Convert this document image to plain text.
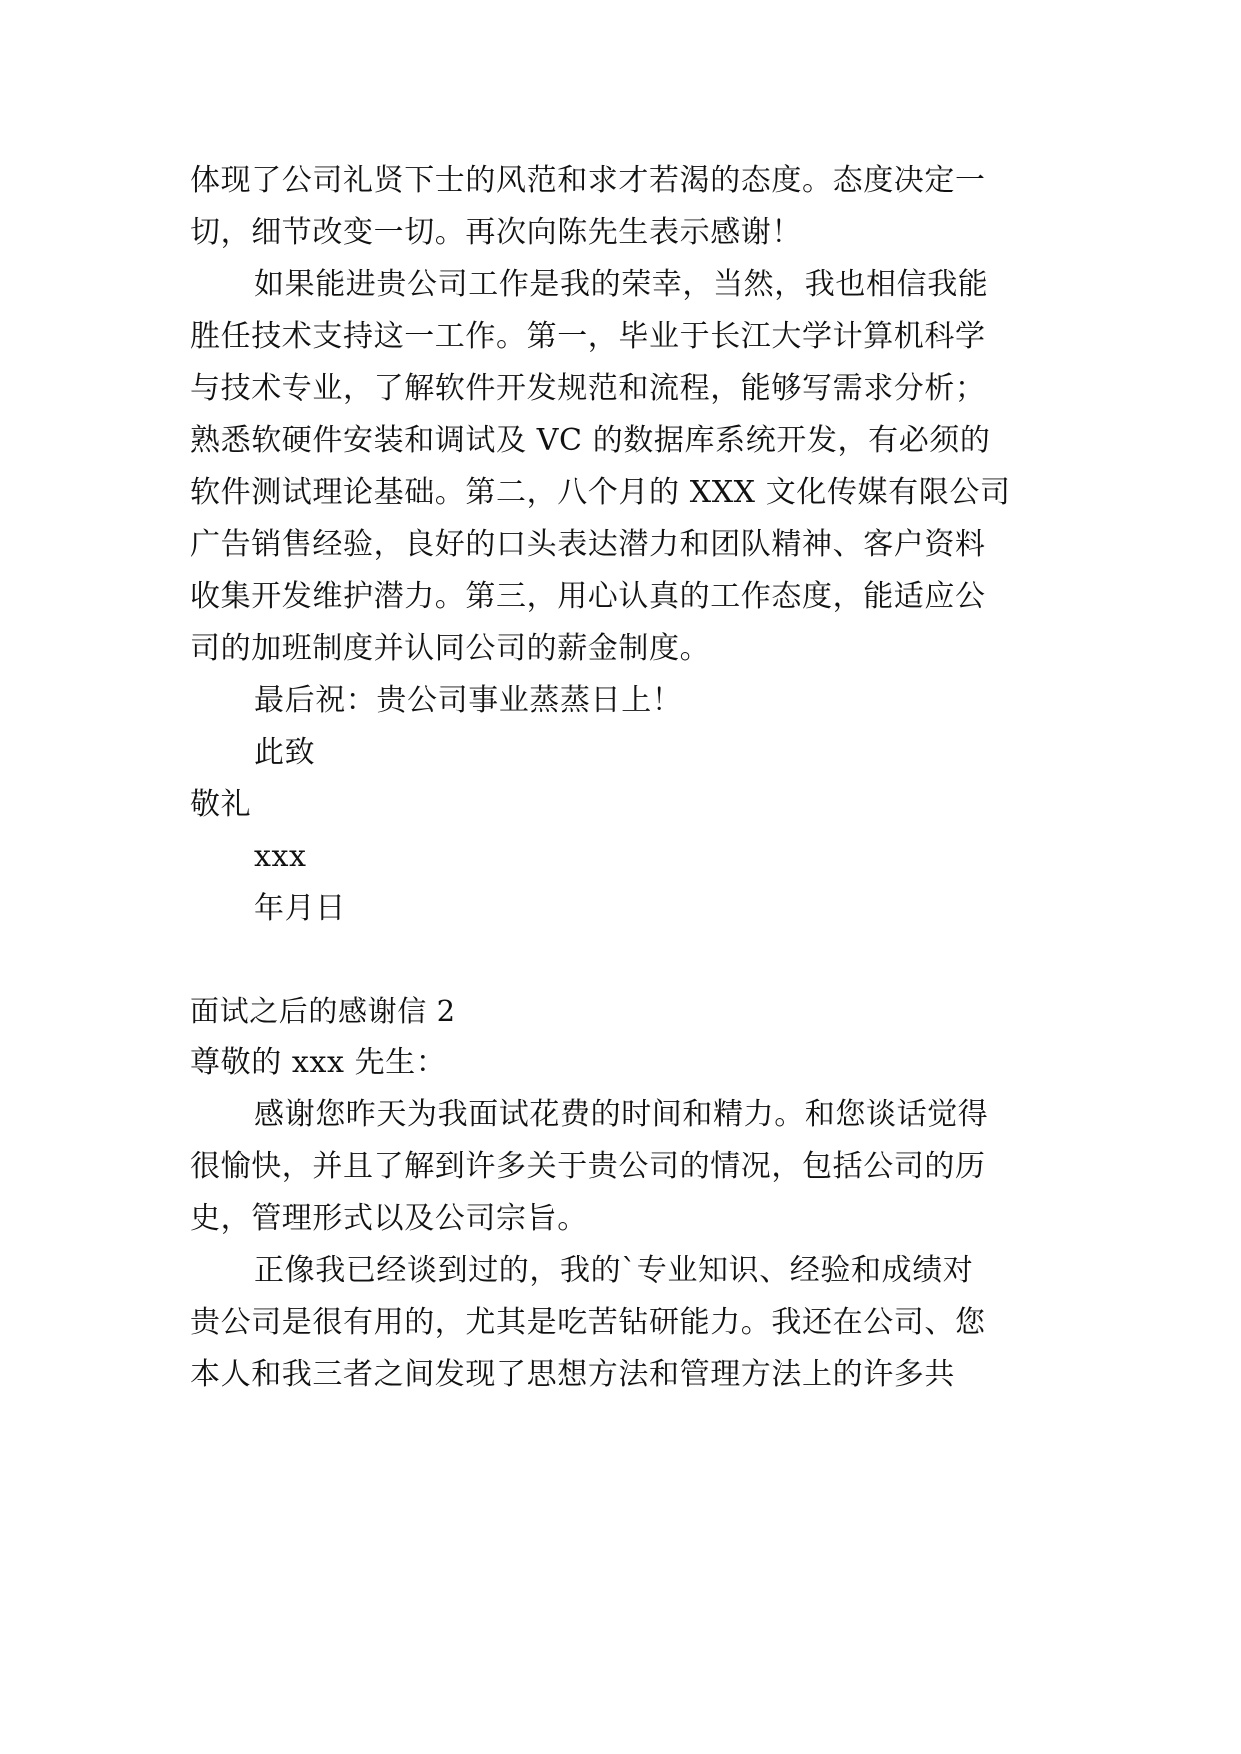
体现了公司礼贤下士的风范和求才若渴的态度。态度决定一
切，细节改变一切。再次向陈先生表示感谢！
如果能进贵公司工作是我的荣幸，当然，我也相信我能
胜任技术支持这一工作。第一，毕业于长江大学计算机科学
与技术专业，了解软件开发规范和流程，能够写需求分析；
熟悉软硬件安装和调试及 VC 的数据库系统开发，有必须的
软件测试理论基础。第二，八个月的 XXX 文化传媒有限公司
广告销售经验，良好的口头表达潜力和团队精神、客户资料
收集开发维护潜力。第三，用心认真的工作态度，能适应公
司的加班制度并认同公司的薪金制度。
最后祝：贵公司事业蒸蒸日上！
此致
敬礼
xxx
年月日
面试之后的感谢信 2
尊敬的 xxx 先生：
感谢您昨天为我面试花费的时间和精力。和您谈话觉得
很愉快，并且了解到许多关于贵公司的情况，包括公司的历
史，管理形式以及公司宗旨。
正像我已经谈到过的，我的`专业知识、经验和成绩对
贵公司是很有用的，尤其是吃苦钻研能力。我还在公司、您
本人和我三者之间发现了思想方法和管理方法上的许多共
